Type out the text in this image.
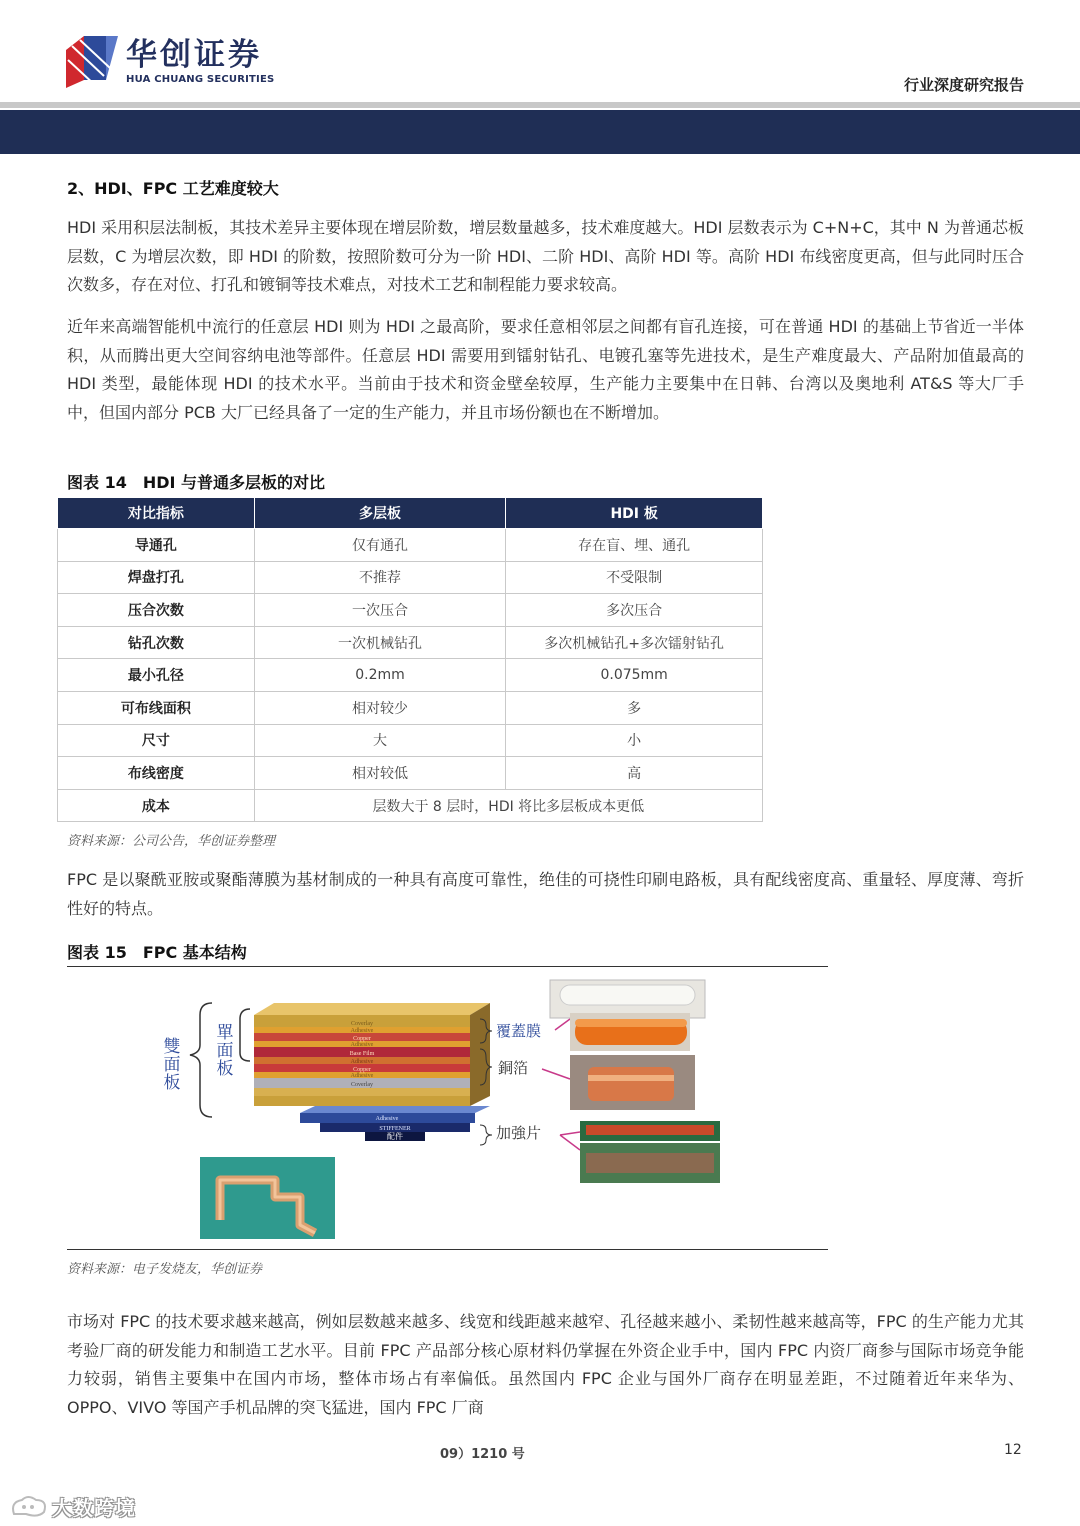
华创证券
HUA CHUANG SECURITIES	行业深度研究报告
2、HDI、FPC 工艺难度较大

HDI 采用积层法制板，其技术差异主要体现在增层阶数，增层数量越多，技术难度越大。HDI 层数表示为 C+N+C，其中 N 为普通芯板层数，C 为增层次数，即 HDI 的阶数，按照阶数可分为一阶 HDI、二阶 HDI、高阶 HDI 等。高阶 HDI 布线密度更高，但与此同时压合次数多，存在对位、打孔和镀铜等技术难点，对技术工艺和制程能力要求较高。

近年来高端智能机中流行的任意层 HDI 则为 HDI 之最高阶，要求任意相邻层之间都有盲孔连接，可在普通 HDI 的基础上节省近一半体积，从而腾出更大空间容纳电池等部件。任意层 HDI 需要用到镭射钻孔、电镀孔塞等先进技术，是生产难度最大、产品附加值最高的 HDI 类型，最能体现 HDI 的技术水平。当前由于技术和资金壁垒较厚，生产能力主要集中在日韩、台湾以及奥地利 AT&S 等大厂手中，但国内部分 PCB 大厂已经具备了一定的生产能力，并且市场份额也在不断增加。

图表 14　HDI 与普通多层板的对比
对比指标	多层板	HDI 板
导通孔	仅有通孔	存在盲、埋、通孔
焊盘打孔	不推荐	不受限制
压合次数	一次压合	多次压合
钻孔次数	一次机械钻孔	多次机械钻孔+多次镭射钻孔
最小孔径	0.2mm	0.075mm
可布线面积	相对较少	多
尺寸	大	小
布线密度	相对较低	高
成本	层数大于 8 层时，HDI 将比多层板成本更低	
资料来源：公司公告，华创证券整理

FPC 是以聚酰亚胺或聚酯薄膜为基材制成的一种具有高度可靠性，绝佳的可挠性印刷电路板，具有配线密度高、重量轻、厚度薄、弯折性好的特点。

图表 15　FPC 基本结构
雙面板 單面板	Coverlay
Adhesive
Copper
Adhesive
Base Film
Adhesive
Copper
Adhesive
Coverlay
Adhesive
STIFFENER
配件
覆蓋膜
銅箔
加強片
资料来源：电子发烧友，华创证券

市场对 FPC 的技术要求越来越高，例如层数越来越多、线宽和线距越来越窄、孔径越来越小、柔韧性越来越高等，FPC 的生产能力尤其考验厂商的研发能力和制造工艺水平。目前 FPC 产品部分核心原材料仍掌握在外资企业手中，国内 FPC 内资厂商参与国际市场竞争能力较弱，销售主要集中在国内市场，整体市场占有率偏低。虽然国内 FPC 企业与国外厂商存在明显差距，不过随着近年来华为、OPPO、VIVO 等国产手机品牌的突飞猛进，国内 FPC 厂商

09）1210 号	12
大数跨境
